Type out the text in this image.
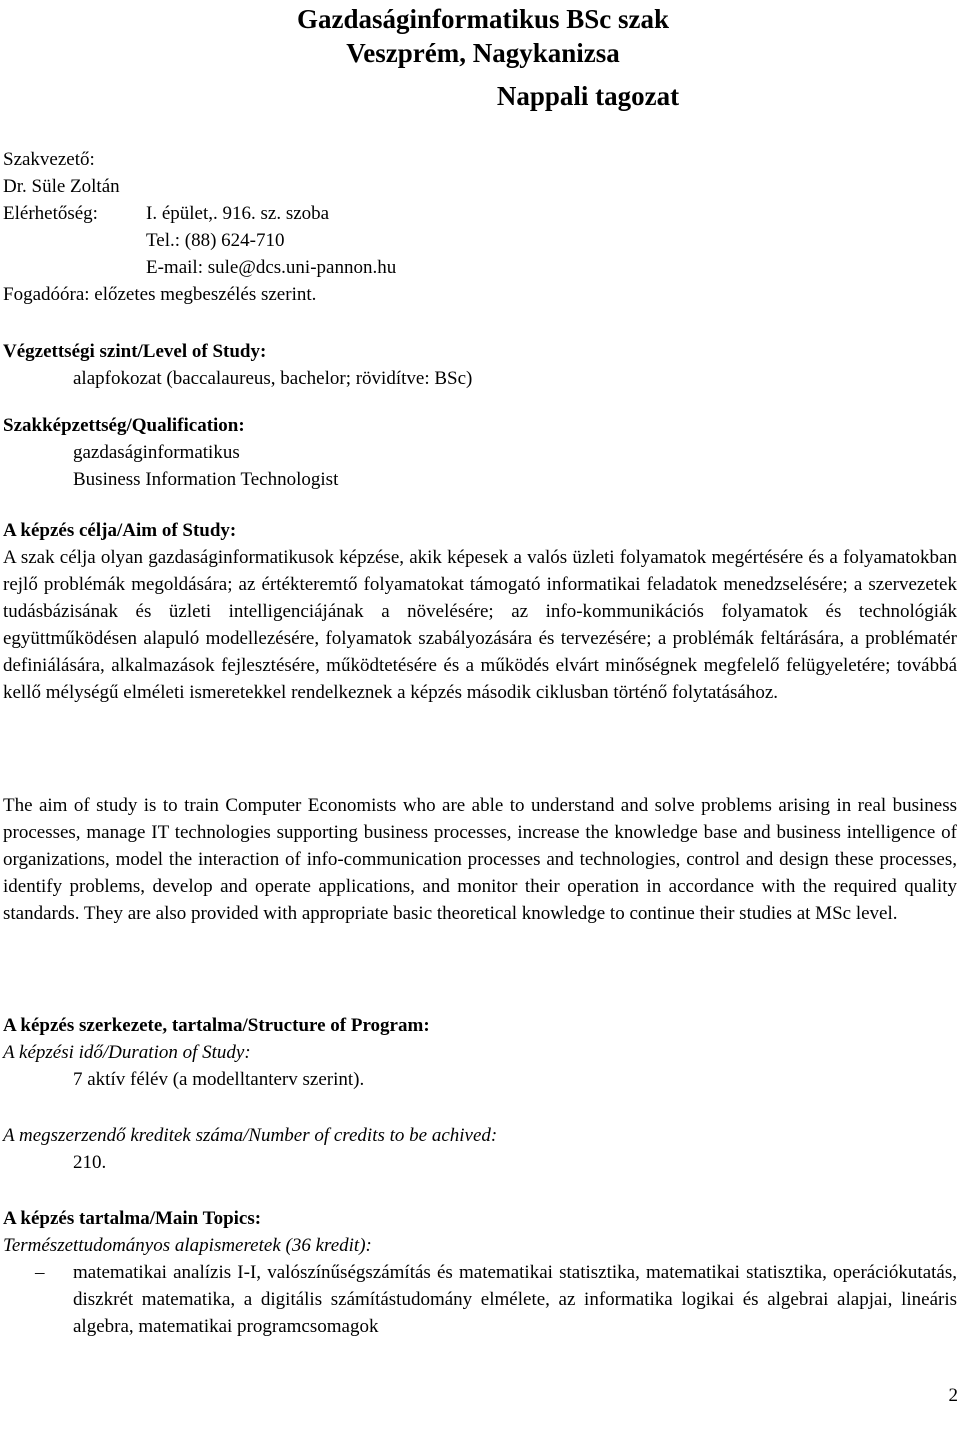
Gazdaságinformatikus BSc szak
Veszprém, Nagykanizsa
Nappali tagozat
Szakvezető:
Dr. Süle Zoltán
Elérhetőség:	I. épület,. 916. sz. szoba
Tel.: (88) 624-710
E-mail: sule@dcs.uni-pannon.hu
Fogadóóra: előzetes megbeszélés szerint.
Végzettségi szint/Level of Study:
alapfokozat (baccalaureus, bachelor; rövidítve: BSc)
Szakképzettség/Qualification:
gazdaságinformatikus
Business Information Technologist
A képzés célja/Aim of Study:
A szak célja olyan gazdaságinformatikusok képzése, akik képesek a valós üzleti folyamatok megértésére és a folyamatokban rejlő problémák megoldására; az értékteremtő folyamatokat támogató informatikai feladatok menedzselésére; a szervezetek tudásbázisának és üzleti intelligenciájának a növelésére; az info-kommunikációs folyamatok és technológiák együttműködésen alapuló modellezésére, folyamatok szabályozására és tervezésére; a problémák feltárására, a problématér definiálására, alkalmazások fejlesztésére, működtetésére és a működés elvárt minőségnek megfelelő felügyeletére; továbbá kellő mélységű elméleti ismeretekkel rendelkeznek a képzés második ciklusban történő folytatásához.
The aim of study is to train Computer Economists who are able to understand and solve problems arising in real business processes, manage IT technologies supporting business processes, increase the knowledge base and business intelligence of organizations, model the interaction of info-communication processes and technologies, control and design these processes, identify problems, develop and operate applications, and monitor their operation in accordance with the required quality standards. They are also provided with appropriate basic theoretical knowledge to continue their studies at MSc level.
A képzés szerkezete, tartalma/Structure of Program:
A képzési idő/Duration of Study:
7 aktív félév (a modelltanterv szerint).
A megszerzendő kreditek száma/Number of credits to be achived:
210.
A képzés tartalma/Main Topics:
Természettudományos alapismeretek (36 kredit):
–	matematikai analízis I-I, valószínűségszámítás és matematikai statisztika, matematikai statisztika, operációkutatás, diszkrét matematika, a digitális számítástudomány elmélete, az informatika logikai és algebrai alapjai, lineáris algebra, matematikai programcsomagok
2
